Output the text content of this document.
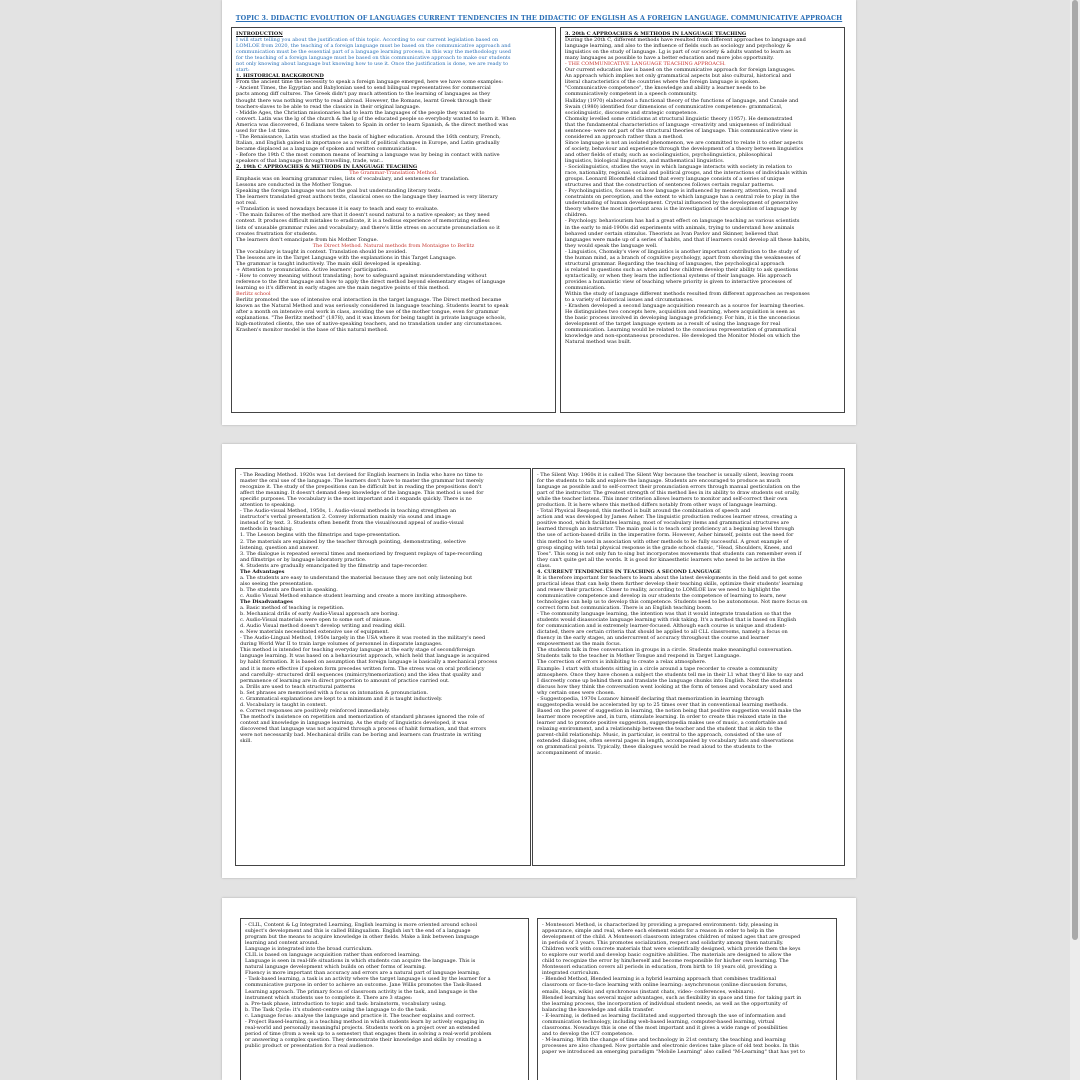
TOPIC 3. DIDACTIC EVOLUTION OF LANGUAGES CURRENT TENDENCIES IN THE DIDACTIC OF ENGLISH AS A FOREIGN LANGUAGE. COMMUNICATIVE APPROACH
INTRODUCTION
I will start telling you about the justification of this topic. According to our current legislation based on
LOMLOE from 2020, the teaching of a foreign language must be based on the communicative approach and
communication must be the essential part of a language learning process, in this way the methodology used
for the teaching of a foreign language must be based on this communicative approach to make our students
not only knowing about language but knowing how to use it. Once the justification is done, we are ready to
start:
1. HISTORICAL BACKGROUND
From the ancient time the necessity to speak a foreign language emerged, here we have some examples:
- Ancient Times, the Egyptian and Babylonian used to send bilingual representatives for commercial
pacts among diff cultures. The Greek didn't pay much attention to the learning of languages as they
thought there was nothing worthy to read abroad. However, the Romans, learnt Greek through their
teachers-slaves to be able to read the classics in their original language.
- Middle Ages, the Christian missionaries had to learn the languages of the people they wanted to
convert. Latin was the lg of the church & the lg of the educated people so everybody wanted to learn it. When
America was discovered, 6 Indians were taken to Spain in order to learn Spanish, & the direct method was
used for the 1st time.
- The Renaissance, Latin was studied as the basis of higher education. Around the 16th century, French,
Italian, and English gained in importance as a result of political changes in Europe, and Latin gradually
became displaced as a language of spoken and written communication.
- Before the 19th C the most common means of learning a language was by being in contact with native
speakers of that language through travelling, trade, war...
2. 19th C APPROACHES & METHODS IN LANGUAGE TEACHING
The Grammar-Translation Method.
Emphasis was on learning grammar rules, lists of vocabulary, and sentences for translation.
Lessons are conducted in the Mother Tongue.
Speaking the foreign language was not the goal but understanding literary texts.
The learners translated great authors texts, classical ones so the language they learned is very literary
not real.
+Translation is used nowadays because it is easy to teach and easy to evaluate.
- The main failures of the method are that it doesn't sound natural to a native speaker; as they need
context. It produces difficult mistakes to eradicate, it is a tedious experience of memorizing endless
lists of unusable grammar rules and vocabulary; and there's little stress on accurate pronunciation so it
creates frustration for students.
The learners don't emancipate from his Mother Tongue.
The Direct Method. Natural methods from Montaigne to Berlitz
The vocabulary is taught in context. Translation should be avoided.
The lessons are in the Target Language with the explanations in this Target Language.
The grammar is taught inductively. The main skill developed is speaking.
+ Attention to pronunciation. Active learners' participation.
- How to convey meaning without translating; how to safeguard against misunderstanding without
reference to the first language and how to apply the direct method beyond elementary stages of language
learning so it's different in early stages are the main negative points of this method.
Berlitz school
Berlitz promoted the use of intensive oral interaction in the target language. The Direct method became
known as the Natural Method and was seriously considered in language teaching. Students learnt to speak
after a month on intensive oral work in class, avoiding the use of the mother tongue, even for grammar
explanations. "The Berlitz method" (1878), and it was known for being taught in private language schools,
high-motivated clients, the use of native-speaking teachers, and no translation under any circumstances.
Krashen's monitor model is the base of this natural method.
3. 20th C APPROACHES & METHODS IN LANGUAGE TEACHING
During the 20th C, different methods have resulted from different approaches to language and
language learning, and also to the influence of fields such as sociology and psychology &
linguistics on the study of language. Lg is part of our society & adults wanted to learn as
many languages as possible to have a better education and more jobs opportunity.
- THE COMMUNICATIVE LANGUAGE TEACHING APPROACH.
Our current education law is based on the communicative approach for foreign languages.
An approach which implies not only grammatical aspects but also cultural, historical and
literal characteristics of the countries where the foreign language is spoken.
"Communicative competence", the knowledge and ability a learner needs to be
communicatively competent in a speech community.
Halliday (1970) elaborated a functional theory of the functions of language, and Canale and
Swain (1980) identified four dimensions of communicative competence: grammatical,
sociolinguistic, discourse and strategic competence.
Chomsky levelled some criticisms at structural linguistic theory (1957). He demonstrated
that the fundamental characteristics of language -creativity and uniqueness of individual
sentences- were not part of the structural theories of language. This communicative view is
considered an approach rather than a method.
Since language is not an isolated phenomenon, we are committed to relate it to other aspects
of society, behaviour and experience through the development of a theory between linguistics
and other fields of study, such as sociolinguistics, psycholinguistics, philosophical
linguistics, biological linguistics, and mathematical linguistics.
- Sociolinguistics, studies the ways in which language interacts with society in relation to
race, nationality, regional, social and political groups, and the interactions of individuals within
groups. Leonard Bloomfield claimed that every language consists of a series of unique
structures and that the construction of sentences follows certain regular patterns.
- Psycholinguistics, focuses on how language is influenced by memory, attention, recall and
constraints on perception, and the extent to which language has a central role to play in the
understanding of human development. Crystal influenced by the development of generative
theory where the most important area is the investigation of the acquisition of language by
children.
- Psychology. behaviourism has had a great effect on language teaching as various scientists
in the early to mid-1900s did experiments with animals, trying to understand how animals
behaved under certain stimulus. Theorists as Ivan Pavlov and Skinner, believed that
languages were made up of a series of habits, and that if learners could develop all these habits,
they would speak the language well.
- Linguistics, Chomsky's view of linguistics is another important contribution to the study of
the human mind, as a branch of cognitive psychology, apart from showing the weaknesses of
structural grammar. Regarding the teaching of languages, the psychological approach
is related to questions such as when and how children develop their ability to ask questions
syntactically, or when they learn the inflectional systems of their language. His approach
provides a humanistic view of teaching where priority is given to interactive processes of
communication.
Within the study of language different methods resulted from different approaches as responses
to a variety of historical issues and circumstances.
- Krashen developed a second language acquisition research as a source for learning theories.
He distinguishes two concepts here, acquisition and learning, where acquisition is seen as
the basic process involved in developing language proficiency. For him, it is the unconscious
development of the target language system as a result of using the language for real
communication. Learning would be related to the conscious representation of grammatical
knowledge and non-spontaneous procedures. He developed the Monitor Model on which the
Natural method was built.
- The Reading Method. 1920s was 1st devised for English learners in India who have no time to
master the oral use of the language. The learners don't have to master the grammar but merely
recognize it. The study of the prepositions can be difficult but in reading the prepositions don't
affect the meaning. It doesn't demand deep knowledge of the language. This method is used for
specific purposes. The vocabulary is the most important and it expands quickly. There is no
attention to speaking.
- The Audio-visual Method, 1950s, 1. Audio-visual methods in teaching strengthen an
instructor's verbal presentation 2. Convey information mainly via sound and image
instead of by text. 3. Students often benefit from the visual/sound appeal of audio-visual
methods in teaching.
1. The Lesson begins with the filmstrips and tape-presentation.
2. The materials are explained by the teacher through pointing, demonstrating, selective
listening, question and answer.
3. The dialogue is repeated several times and memorized by frequent replays of tape-recording
and filmstrips or by language laboratory practice.
4. Students are gradually emancipated by the filmstrip and tape-recorder.
The Advantages
a. The students are easy to understand the material because they are not only listening but
also seeing the presentation.
b. The students are fluent in speaking.
c. Audio Visual Method enhance student learning and create a more inviting atmosphere.
The Disadvantages
a. Basic method of teaching is repetition.
b. Mechanical drills of early Audio-Visual approach are boring.
c. Audio-Visual materials were open to some sort of misuse.
d. Audio Visual method doesn't develop writing and reading skill.
e. New materials necessitated extensive use of equipment.
- The Audio-Lingual Method, 1950s largely in the USA where it was rooted in the military's need
during World War II to train large volumes of personnel in disparate languages.
This method is intended for teaching everyday language at the early stage of second/foreign
language learning. It was based on a behaviourist approach, which held that language is acquired
by habit formation. It is based on assumption that foreign language is basically a mechanical process
and it is more effective if spoken form precedes written form. The stress was on oral proficiency
and carefully- structured drill sequences (mimicry/memorization) and the idea that quality and
permanence of learning are in direct proportion to amount of practice carried out.
a. Drills are used to teach structural patterns
b. Set phrases are memorised with a focus on intonation & pronunciation.
c. Grammatical explanations are kept to a minimum and it is taught inductively.
d. Vocabulary is taught in context.
e. Correct responses are positively reinforced immediately.
The method's insistence on repetition and memorization of standard phrases ignored the role of
context and knowledge in language learning. As the study of linguistics developed, it was
discovered that language was not acquired through a process of habit formation, and that errors
were not necessarily bad. Mechanical drills can be boring and learners can frustrate in writing
skill.
- The Silent Way. 1960s it is called The Silent Way because the teacher is usually silent, leaving room
for the students to talk and explore the language. Students are encouraged to produce as much
language as possible and to self-correct their pronunciation errors through manual gesticulation on the
part of the instructor. The greatest strength of this method lies in its ability to draw students out orally,
while the teacher listens. This inner criterion allows learners to monitor and self-correct their own
production. It is here where this method differs notably from other ways of language learning.
- Total Physical Respond, this method is built around the combination of speech and
action and was developed by James Asher. The linguistic production reduces learner stress, creating a
positive mood, which facilitates learning, most of vocabulary items and grammatical structures are
learned through an instructor. The main goal is to teach oral proficiency at a beginning level through
the use of action-based drills in the imperative form. However, Asher himself, points out the need for
this method to be used in association with other methods to be fully successful. A great example of
group singing with total physical response is the grade school classic, "Head, Shoulders, Knees, and
Toes". This song is not only fun to sing but incorporates movements that students can remember even if
they can't quite get all the words. It is good for kinaesthetic learners who need to be active in the
class.
4. CURRENT TENDENCIES IN TEACHING A SECOND LANGUAGE
It is therefore important for teachers to learn about the latest developments in the field and to get some
practical ideas that can help them further develop their teaching skills, optimize their students' learning
and renew their practices. Closer to reality, according to LOMLOE law we need to highlight the
communicative competence and develop in our students the competence of learning to learn, new
technologies can help us to develop this competence. Students need to be autonomous. Not more focus on
correct form but communication. There is an English teaching boom.
- The community language learning, the intention was that it would integrate translation so that the
students would disassociate language learning with risk taking. It's a method that is based on English
for communication and is extremely learner-focused. Although each course is unique and student-
dictated, there are certain criteria that should be applied to all CLL classrooms, namely a focus on
fluency in the early stages, an undercurrent of accuracy throughout the course and learner
empowerment as the main focus.
The students talk in free conversation in groups in a circle. Students make meaningful conversation.
Students talk to the teacher in Mother Tongue and respond in Target Language.
The correction of errors is inhibiting to create a relax atmosphere.
Example: I start with students sitting in a circle around a tape recorder to create a community
atmosphere. Once they have chosen a subject the students tell me in their L1 what they'd like to say and
I discreetly come up behind them and translate the language chunks into English. Next the students
discuss how they think the conversation went looking at the form of tenses and vocabulary used and
why certain ones were chosen.
- Suggestopedia, 1970s Lozanov himself declaring that memorization in learning through
suggestopedia would be accelerated by up to 25 times over that in conventional learning methods.
Based on the power of suggestion in learning, the notion being that positive suggestion would make the
learner more receptive and, in turn, stimulate learning. In order to create this relaxed state in the
learner and to promote positive suggestion, suggestopedia makes use of music, a comfortable and
relaxing environment, and a relationship between the teacher and the student that is akin to the
parent-child relationship. Music, in particular, is central to the approach, consisted of the use of
extended dialogues, often several pages in length, accompanied by vocabulary lists and observations
on grammatical points. Typically, these dialogues would be read aloud to the students to the
accompaniment of music.
- CLIL, Content & Lg Integrated Learning, English learning is more oriented around school
subject's development and this is called Bilingualism. English isn't the end of a language
program but the means to acquire knowledge in other fields. Make a link between language
learning and content around.
Language is integrated into the broad curriculum.
CLIL is based on language acquisition rather than enforced learning.
Language is seen in real-life situations in which students can acquire the language. This is
natural language development which builds on other forms of learning.
Fluency is more important than accuracy and errors are a natural part of language learning.
- Task-based learning, a task is an activity where the target language is used by the learner for a
communicative purpose in order to achieve an outcome. Jane Willis promotes the Task-Based
Learning approach. The primary focus of classroom activity is the task, and language is the
instrument which students use to complete it. There are 3 stages:
a. Pre-task phase, introduction to topic and task: brainstorm, vocabulary using.
b. The Task Cycle: it's student-centre using the language to do the task.
c. Language focus: analyse the language and practice it. The teacher explains and correct.
- Project Based-learning, is a teaching method in which students learn by actively engaging in
real-world and personally meaningful projects. Students work on a project over an extended
period of time (from a week up to a semester) that engages them in solving a real-world problem
or answering a complex question. They demonstrate their knowledge and skills by creating a
public product or presentation for a real audience.
- Montessori Method, is characterized by providing a prepared environment: tidy, pleasing in
appearance, simple and real, where each element exists for a reason in order to help in the
development of the child. A Montessori classroom integrates children of mixed ages that are grouped
in periods of 3 years. This promotes socialization, respect and solidarity among them naturally.
Children work with concrete materials that were scientifically designed, which provide them the keys
to explore our world and develop basic cognitive abilities. The materials are designed to allow the
child to recognize the error by him/herself and become responsible for his/her own learning. The
Montessori education covers all periods in education, from birth to 18 years old, providing a
integrated curriculum.
- Blended Method, Blended learning is a hybrid learning approach that combines traditional
classroom or face-to-face learning with online learning: asynchronous (online discussion forums,
emails, blogs, wikis) and synchronous (instant chats, video- conferences, webinars).
Blended learning has several major advantages, such as flexibility in space and time for taking part in
the learning process, the incorporation of individual student needs, as well as the opportunity of
balancing the knowledge and skills transfer.
- E-learning, is defined as learning facilitated and supported through the use of information and
communication technology, including web-based learning, computer-based learning, virtual
classrooms. Nowadays this is one of the most important and it gives a wide range of possibilities
and to develop the ICT competence.
- M-learning. With the change of time and technology in 21st century, the teaching and learning
processes are also changed. Now portable and electronic devices take place of old text books. In this
paper we introduced an emerging paradigm "Mobile Learning" also called "M-Learning" that has yet to
